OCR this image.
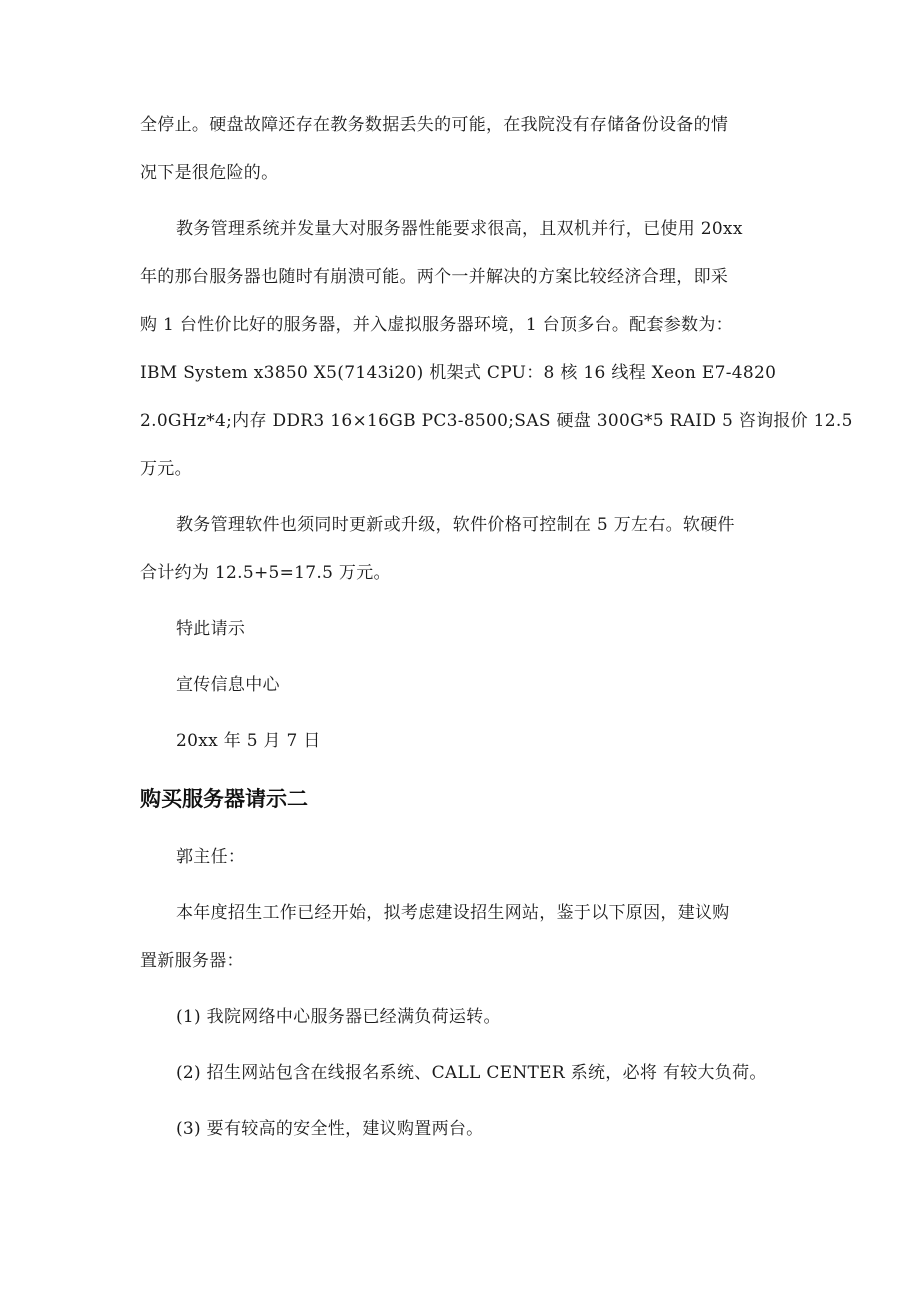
全停止。硬盘故障还存在教务数据丢失的可能，在我院没有存储备份设备的情
况下是很危险的。
教务管理系统并发量大对服务器性能要求很高，且双机并行，已使用 20xx
年的那台服务器也随时有崩溃可能。两个一并解决的方案比较经济合理，即采
购 1 台性价比好的服务器，并入虚拟服务器环境，1 台顶多台。配套参数为：
IBM System x3850 X5(7143i20) 机架式 CPU：8 核 16 线程 Xeon E7-4820
2.0GHz*4;内存 DDR3 16×16GB PC3-8500;SAS 硬盘 300G*5 RAID 5 咨询报价 12.5
万元。
教务管理软件也须同时更新或升级，软件价格可控制在 5 万左右。软硬件
合计约为 12.5+5=17.5 万元。
特此请示
宣传信息中心
20xx 年 5 月 7 日
购买服务器请示二
郭主任：
本年度招生工作已经开始，拟考虑建设招生网站，鉴于以下原因，建议购
置新服务器：
(1) 我院网络中心服务器已经满负荷运转。
(2) 招生网站包含在线报名系统、CALL CENTER 系统，必将 有较大负荷。
(3) 要有较高的安全性，建议购置两台。
